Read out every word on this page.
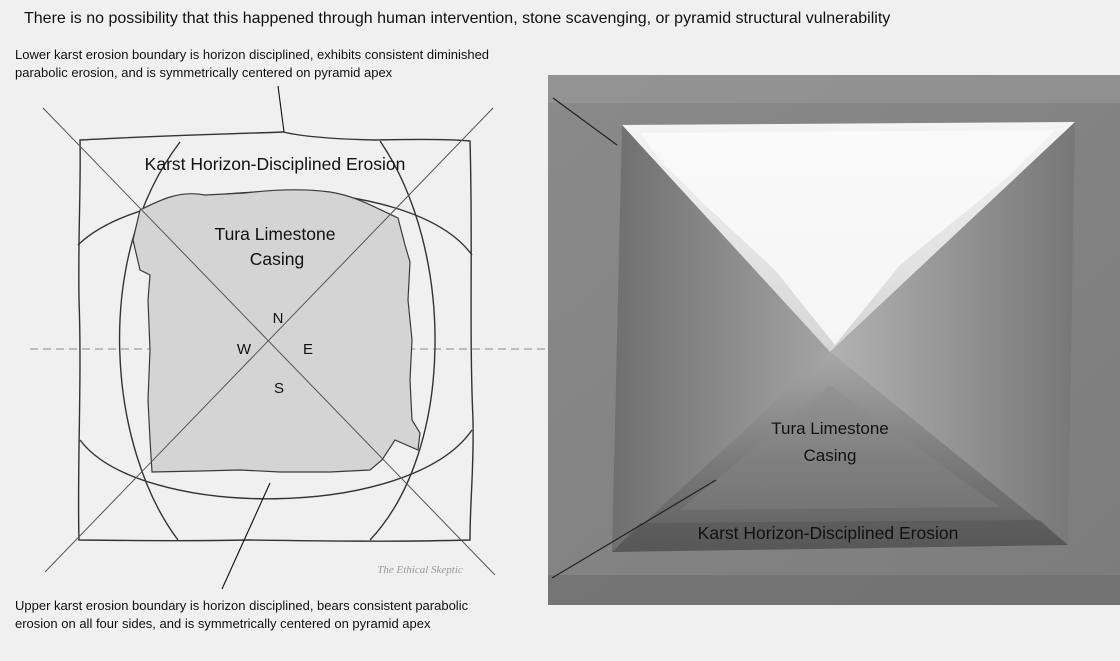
There is no possibility that this happened through human intervention, stone scavenging, or pyramid structural vulnerability
Lower karst erosion boundary is horizon disciplined, exhibits consistent diminished parabolic erosion, and is symmetrically centered on pyramid apex
Upper karst erosion boundary is horizon disciplined, bears consistent parabolic erosion on all four sides, and is symmetrically centered on pyramid apex
Karst Horizon-Disciplined Erosion
Tura Limestone
Casing
N
E
S
W
The Ethical Skeptic
Tura Limestone
Casing
Karst Horizon-Disciplined Erosion
